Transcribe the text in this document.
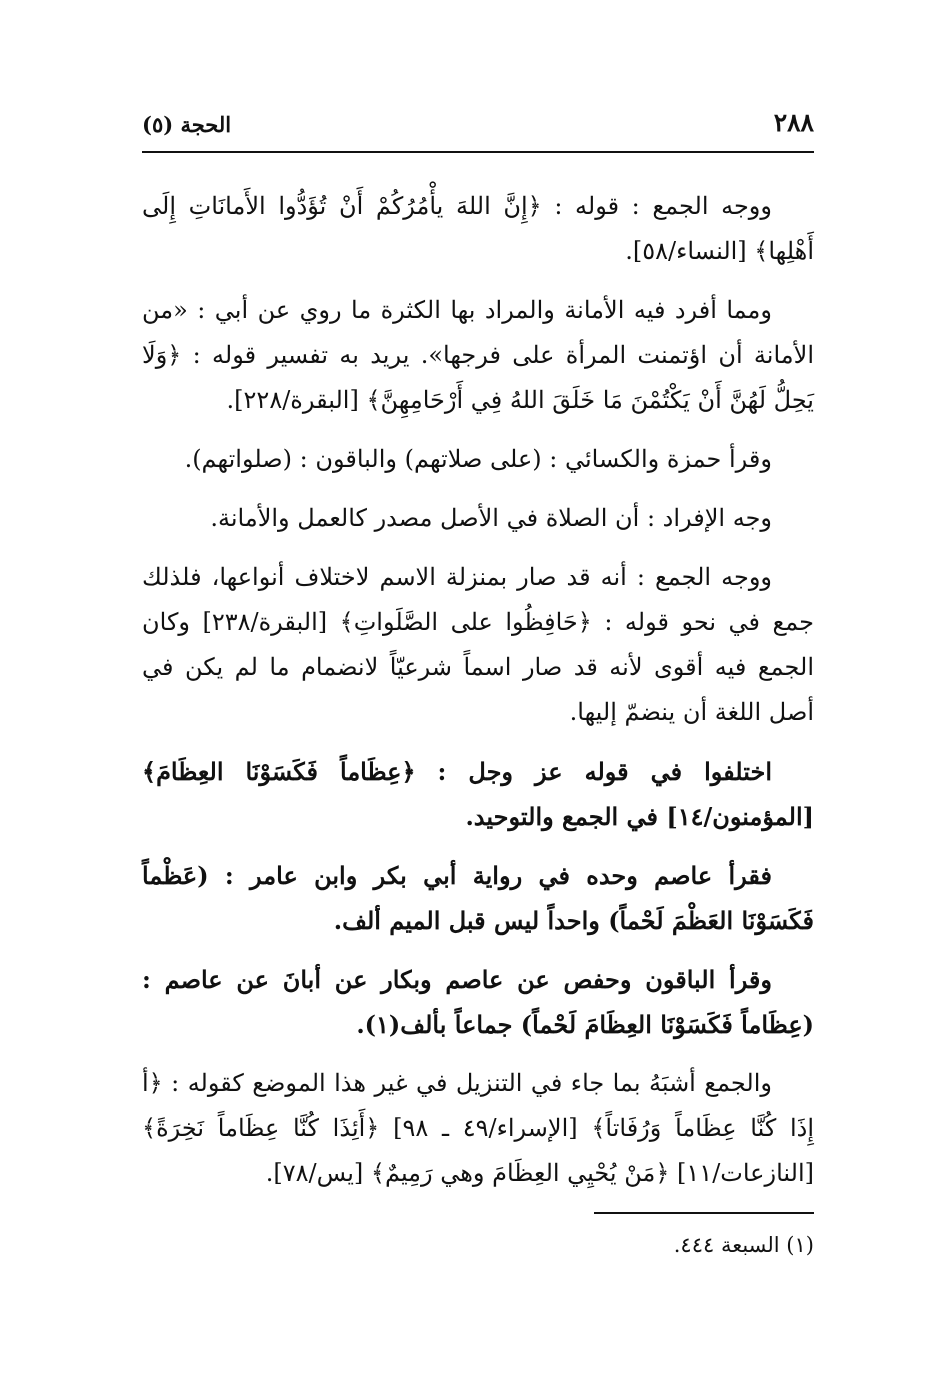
٢٨٨
الحجة (٥)

ووجه الجمع : قوله : ﴿إِنَّ اللهَ يأْمُرُكُمْ أَنْ تُؤَدُّوا الأَمانَاتِ إِلَى أَهْلِها﴾ [النساء/٥٨].

ومما أفرد فيه الأمانة والمراد بها الكثرة ما روي عن أبي : «من الأمانة أن اؤتمنت المرأة على فرجها». يريد به تفسير قوله : ﴿وَلَا يَحِلُّ لَهُنَّ أَنْ يَكْتُمْنَ مَا خَلَقَ اللهُ فِي أَرْحَامِهِنَّ﴾ [البقرة/٢٢٨].

وقرأ حمزة والكسائي : (على صلاتهم) والباقون : (صلواتهم).

وجه الإفراد : أن الصلاة في الأصل مصدر كالعمل والأمانة.

ووجه الجمع : أنه قد صار بمنزلة الاسم لاختلاف أنواعها، فلذلك جمع في نحو قوله : ﴿حَافِظُوا على الصَّلَواتِ﴾ [البقرة/٢٣٨] وكان الجمع فيه أقوى لأنه قد صار اسماً شرعيّاً لانضمام ما لم يكن في أصل اللغة أن ينضمّ إليها.

اختلفوا في قوله عز وجل : ﴿عِظَاماً فَكَسَوْنَا العِظَامَ﴾ [المؤمنون/١٤] في الجمع والتوحيد.

فقرأ عاصم وحده في رواية أبي بكر وابن عامر : (عَظْماً فَكَسَوْنَا العَظْمَ لَحْماً) واحداً ليس قبل الميم ألف.

وقرأ الباقون وحفص عن عاصم وبكار عن أبانَ عن عاصم : (عِظَاماً فَكَسَوْنَا العِظَامَ لَحْماً) جماعاً بألف(١).

والجمع أشبَهُ بما جاء في التنزيل في غير هذا الموضع كقوله : ﴿أ إِذَا كُنَّا عِظَاماً وَرُفَاتاً﴾ [الإسراء/٤٩ ـ ٩٨] ﴿أَئِذَا كُنَّا عِظَاماً نَخِرَةً﴾ [النازعات/١١] ﴿مَنْ يُحْيِي العِظَامَ وهي رَمِيمٌ﴾ [يس/٧٨].

(١) السبعة ٤٤٤.
